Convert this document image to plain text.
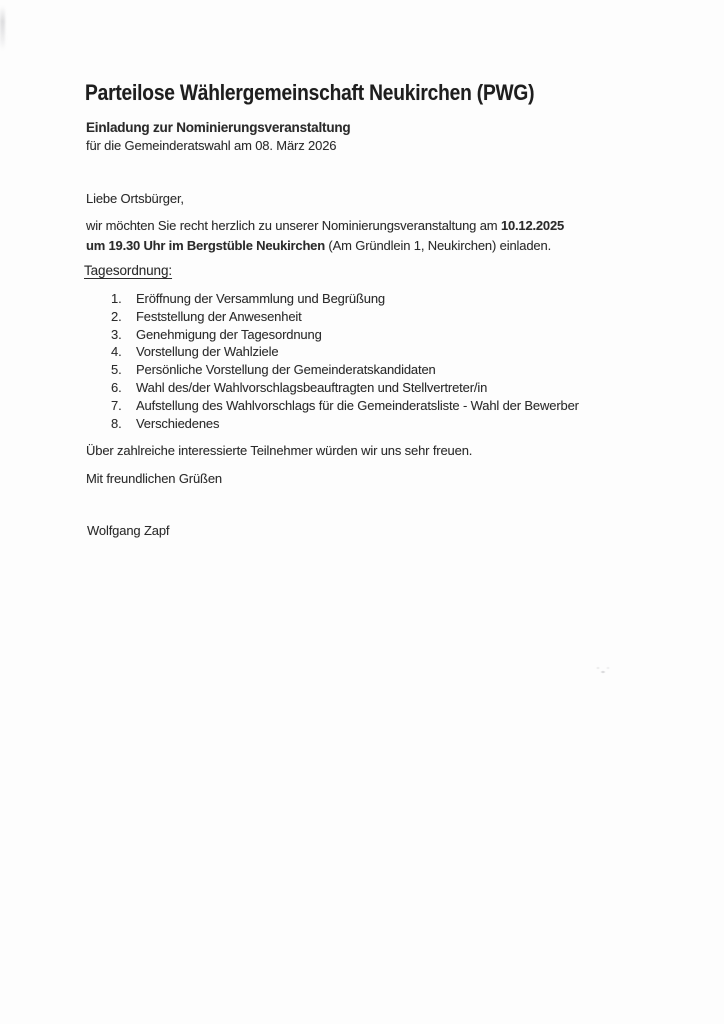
Parteilose Wählergemeinschaft Neukirchen (PWG)
Einladung zur Nominierungsveranstaltung
für die Gemeinderatswahl am 08. März 2026
Liebe Ortsbürger,

wir möchten Sie recht herzlich zu unserer Nominierungsveranstaltung am 10.12.2025
um 19.30 Uhr im Bergstüble Neukirchen (Am Gründlein 1, Neukirchen) einladen.

Tagesordnung:
1.	Eröffnung der Versammlung und Begrüßung
2.	Feststellung der Anwesenheit
3.	Genehmigung der Tagesordnung
4.	Vorstellung der Wahlziele
5.	Persönliche Vorstellung der Gemeinderatskandidaten
6.	Wahl des/der Wahlvorschlagsbeauftragten und Stellvertreter/in
7.	Aufstellung des Wahlvorschlags für die Gemeinderatsliste - Wahl der Bewerber
8.	Verschiedenes
Über zahlreiche interessierte Teilnehmer würden wir uns sehr freuen.
Mit freundlichen Grüßen
Wolfgang Zapf
